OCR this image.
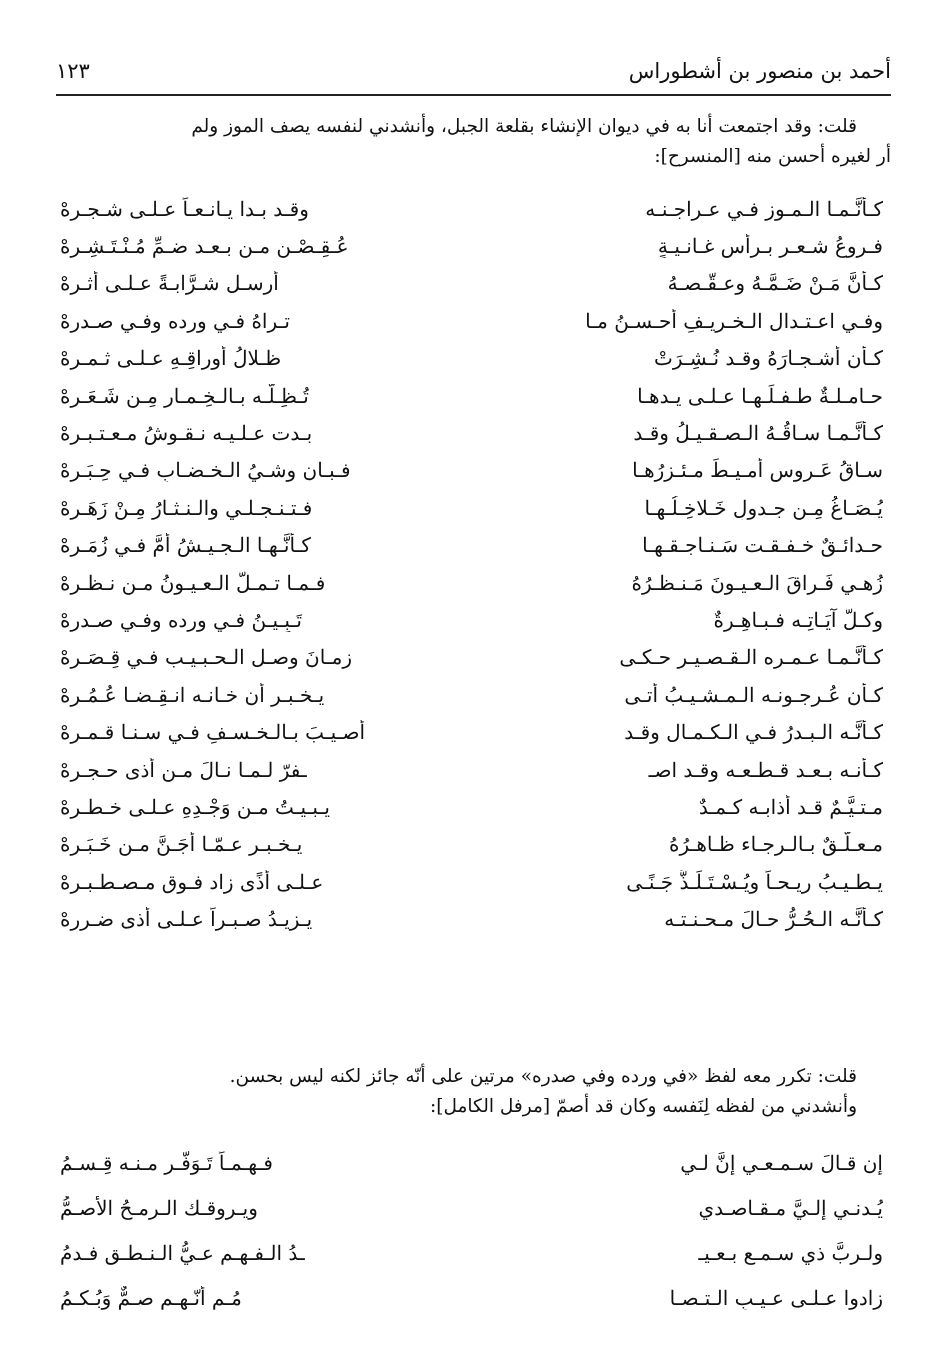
أحمد بن منصور بن أشطوراس
١٢٣

قلت: وقد اجتمعت أنا به في ديوان الإنشاء بقلعة الجبل، وأنشدني لنفسه يصف الموز ولم

أر لغيره أحسن منه [المنسرح]:

كـأنَّـمـا الـمـوز فـي عـراجـنـه
وقـد بـدا يـانـعـاً عـلـى شـجـرهْ
فـروعُ شـعـرٍ بـرأسِ غـانـيـةٍ
عُـقِـصْـن مـن بـعـد ضـمِّ مُـنْـتَـشِـرهْ
كـأنَّ مَـنْ ضَـمَّـهُ وعـقّـصـهُ
أرسـل شـرَّابـةً عـلـى أثـرهْ
وفـي اعـتـدال الـخـريـفِ أحـسـنُ مـا
تـراهُ فـي وِرده وفـي صـدرهْ
كـأن أشـجـارَهُ وقـد نُـشِـرَتْ
ظـلالُ أوراقِـهِ عـلـى ثـمـرهْ
حـامـلـةٌ طـفـلَـهـا عـلـى يـدهـا
تُـظِـلّـه بـالـخِـمـارِ مِـن شَـعَـرِهْ
كـأنَّـمـا سـاقُـهُ الـصـقـيـلُ وقـد
بـدت عـلـيـه نـقـوشُ مـعـتـبـرهْ
سـاقُ عَـروس أُمـيـطَ مـئـزرُهـا
فـبـان وشـيُ الـخـضـابِ فـي حِـبَـرِهْ
يُـصَـاغُ مِـن جـدولٍ خَـلاخِـلُـهـا
فـتـنـجـلـي والـنـثـارُ مِـنْ زَهَـرهْ
حـدائـقٌ خـفـقـت سَـنـاجـقـهـا
كـأنَّـهـا الـجـيـشُ أمَّ فـي زُمَـرِهْ
زُهـيِ فَـراقَ الـعـيـونَ مَـنـظـرُهُ
فـمـا تـمـلُّ الـعـيـونُ مـن نـظـرهْ
وكـلُّ آيَـاتِـه فـبـاهِـرةٌ
تَـبِـيـنُ فـي ورده وفـي صـدرهْ
كـأنَّـمـا عـمـره الـقـصـيـر حـكـى
زمـانَ وصـلِ الـحـبـيـب فـي قِـصَـرِهْ
كـأن عُـرجـونـه الـمـشـيـبُ أتـى
يـخـبـر أن خـانـه انـقِـضـا عُـمُـرِهْ
كـأنَّـه الـبـدرُ فـي الـكـمـال وقـد
أُصـيـبَ بـالـخـسـفِ فـي سـنـا قـمـرهْ
كـأنـه بـعـد قـطـعـه وقـد اصـ
ـفرّ لـمـا نـالَ مـن أذى حـجـرهْ
مـتـيَّـمٌ قـد أذابـه كـمـدٌ
يـبـيـتُ مـن وَجْـدِهِ عـلـى خـطـرهْ
مـعـلَّـقٌ بـالـرجـاء ظـاهـرُهُ
يـخـبـر عـمّـا أجَـنَّ مـن خَـبَـرِهْ
يـطـيـبُ ريـحـاً ويُـسْـتَـلَـذُّ جَـنًـى
عـلـى أذًى زاد فـوق مـصـطـبـرهْ
كـأنَّـه الـحُـرُّ حـالَ مـحـنـتـه
يـزيـدُ صـبـراً عـلـى أذى ضـررهْ

قلت: تكرر معه لفظ «في ورده وفي صدره» مرتين على أنّه جائز لكنه ليس بحسن.

وأنشدني من لفظه لِنَفسه وكان قد أصمّ [مرفل الكامل]:

إن قـالَ سـمـعـي إنَّ لـي
فـهـمـاً تَـوَفّـر مـنـه قِـسـمُ
يُـدنـي إلـيَّ مـقـاصـدي
ويـروقـك الـرمـحُ الأصـمُّ
ولـربَّ ذي سـمـعٍ بـعـيـ
ـدُ الـفـهـم عـيُّ الـنـطـقِ فـدمُ
زادوا عـلـى عـيـبِ الـتـصـا
مُـمِ أنّـهـم صـمٌّ وَبُـكـمُ
